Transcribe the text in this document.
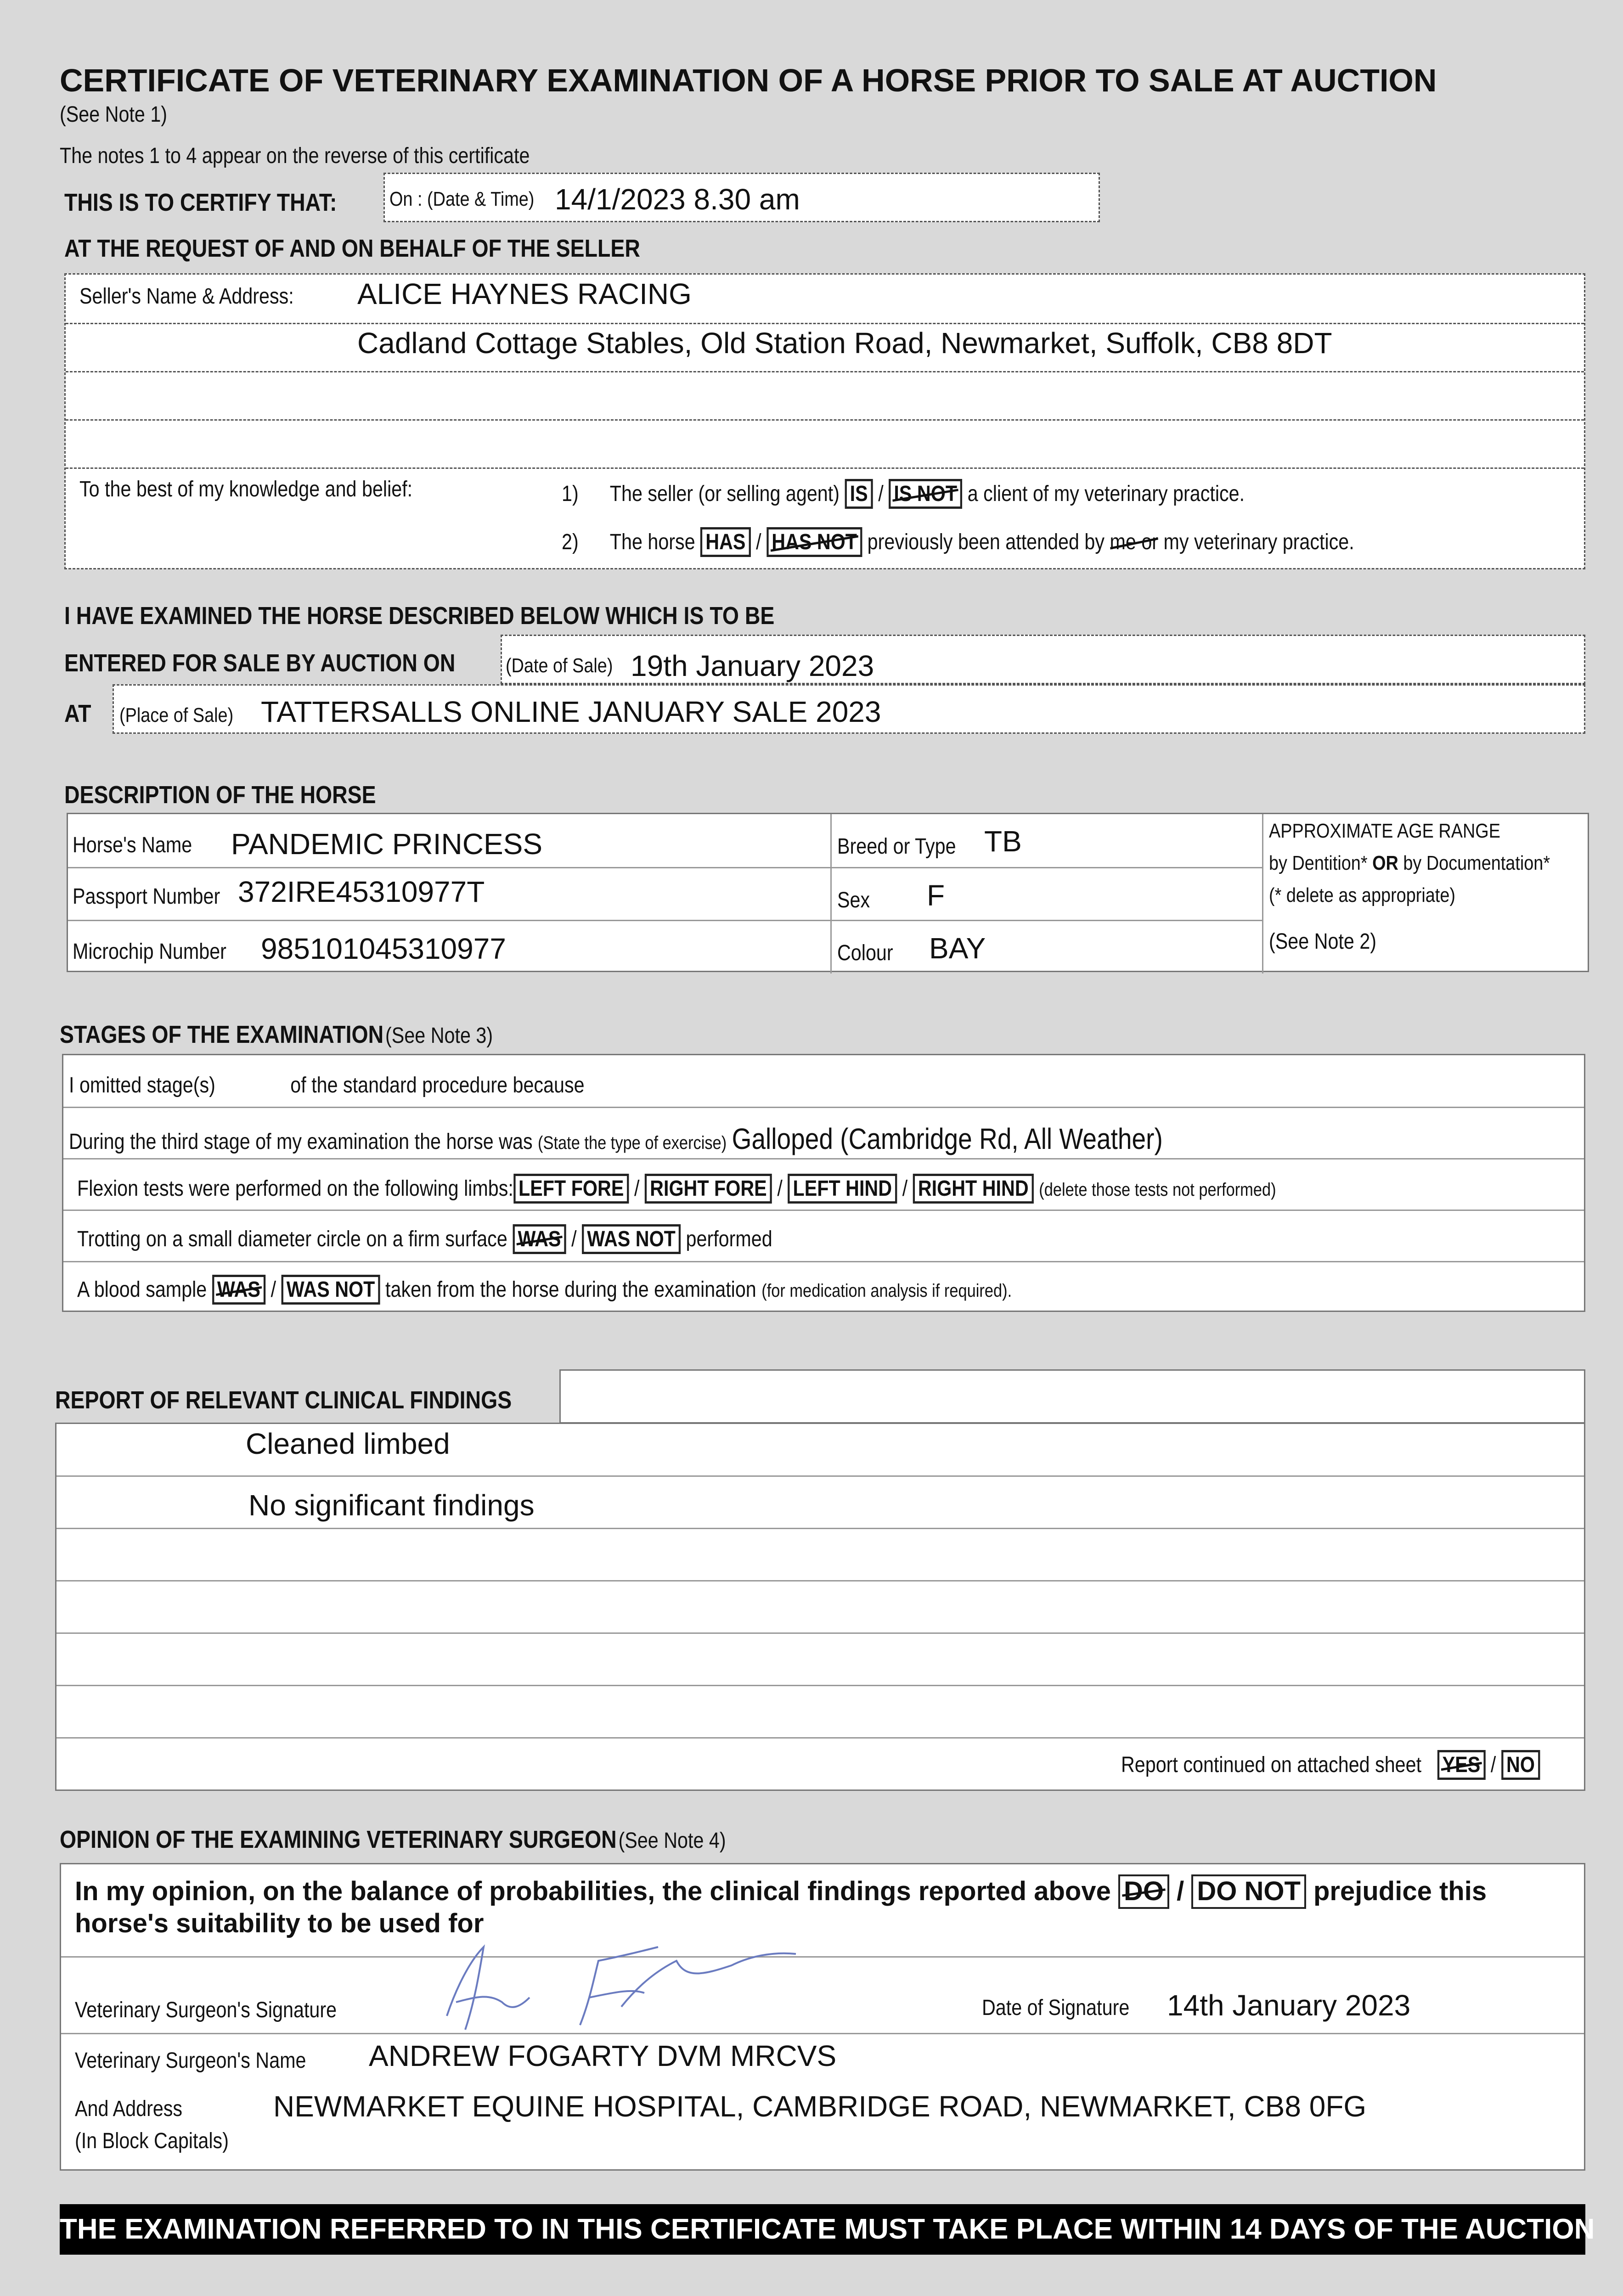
CERTIFICATE OF VETERINARY EXAMINATION OF A HORSE PRIOR TO SALE AT AUCTION
(See Note 1)
The notes 1 to 4 appear on the reverse of this certificate
THIS IS TO CERTIFY THAT:	On : (Date & Time) 14/1/2023 8.30 am
AT THE REQUEST OF AND ON BEHALF OF THE SELLER
Seller's Name & Address: ALICE HAYNES RACING
Cadland Cottage Stables, Old Station Road, Newmarket, Suffolk, CB8 8DT
To the best of my knowledge and belief:	1) The seller (or selling agent) IS / IS NOT a client of my veterinary practice.
2) The horse HAS / HAS NOT previously been attended by me or my veterinary practice.
I HAVE EXAMINED THE HORSE DESCRIBED BELOW WHICH IS TO BE
ENTERED FOR SALE BY AUCTION ON (Date of Sale) 19th January 2023
AT (Place of Sale) TATTERSALLS ONLINE JANUARY SALE 2023
DESCRIPTION OF THE HORSE
Horse's Name PANDEMIC PRINCESS
Passport Number 372IRE45310977T
Microchip Number 985101045310977
Breed or Type TB
Sex F
Colour BAY
APPROXIMATE AGE RANGE
by Dentition* OR by Documentation*
(* delete as appropriate)
(See Note 2)
STAGES OF THE EXAMINATION (See Note 3)
I omitted stage(s)	of the standard procedure because
During the third stage of my examination the horse was (State the type of exercise) Galloped (Cambridge Rd, All Weather)
Flexion tests were performed on the following limbs: LEFT FORE / RIGHT FORE / LEFT HIND / RIGHT HIND (delete those tests not performed)
Trotting on a small diameter circle on a firm surface WAS / WAS NOT performed
A blood sample WAS / WAS NOT taken from the horse during the examination (for medication analysis if required).
REPORT OF RELEVANT CLINICAL FINDINGS
Cleaned limbed
No significant findings
Report continued on attached sheet YES / NO
OPINION OF THE EXAMINING VETERINARY SURGEON (See Note 4)
In my opinion, on the balance of probabilities, the clinical findings reported above DO / DO NOT prejudice this
horse's suitability to be used for
Veterinary Surgeon's Signature	Date of Signature 14th January 2023
Veterinary Surgeon's Name ANDREW FOGARTY DVM MRCVS
And Address
(In Block Capitals)
NEWMARKET EQUINE HOSPITAL, CAMBRIDGE ROAD, NEWMARKET, CB8 0FG
THE EXAMINATION REFERRED TO IN THIS CERTIFICATE MUST TAKE PLACE WITHIN 14 DAYS OF THE AUCTION
